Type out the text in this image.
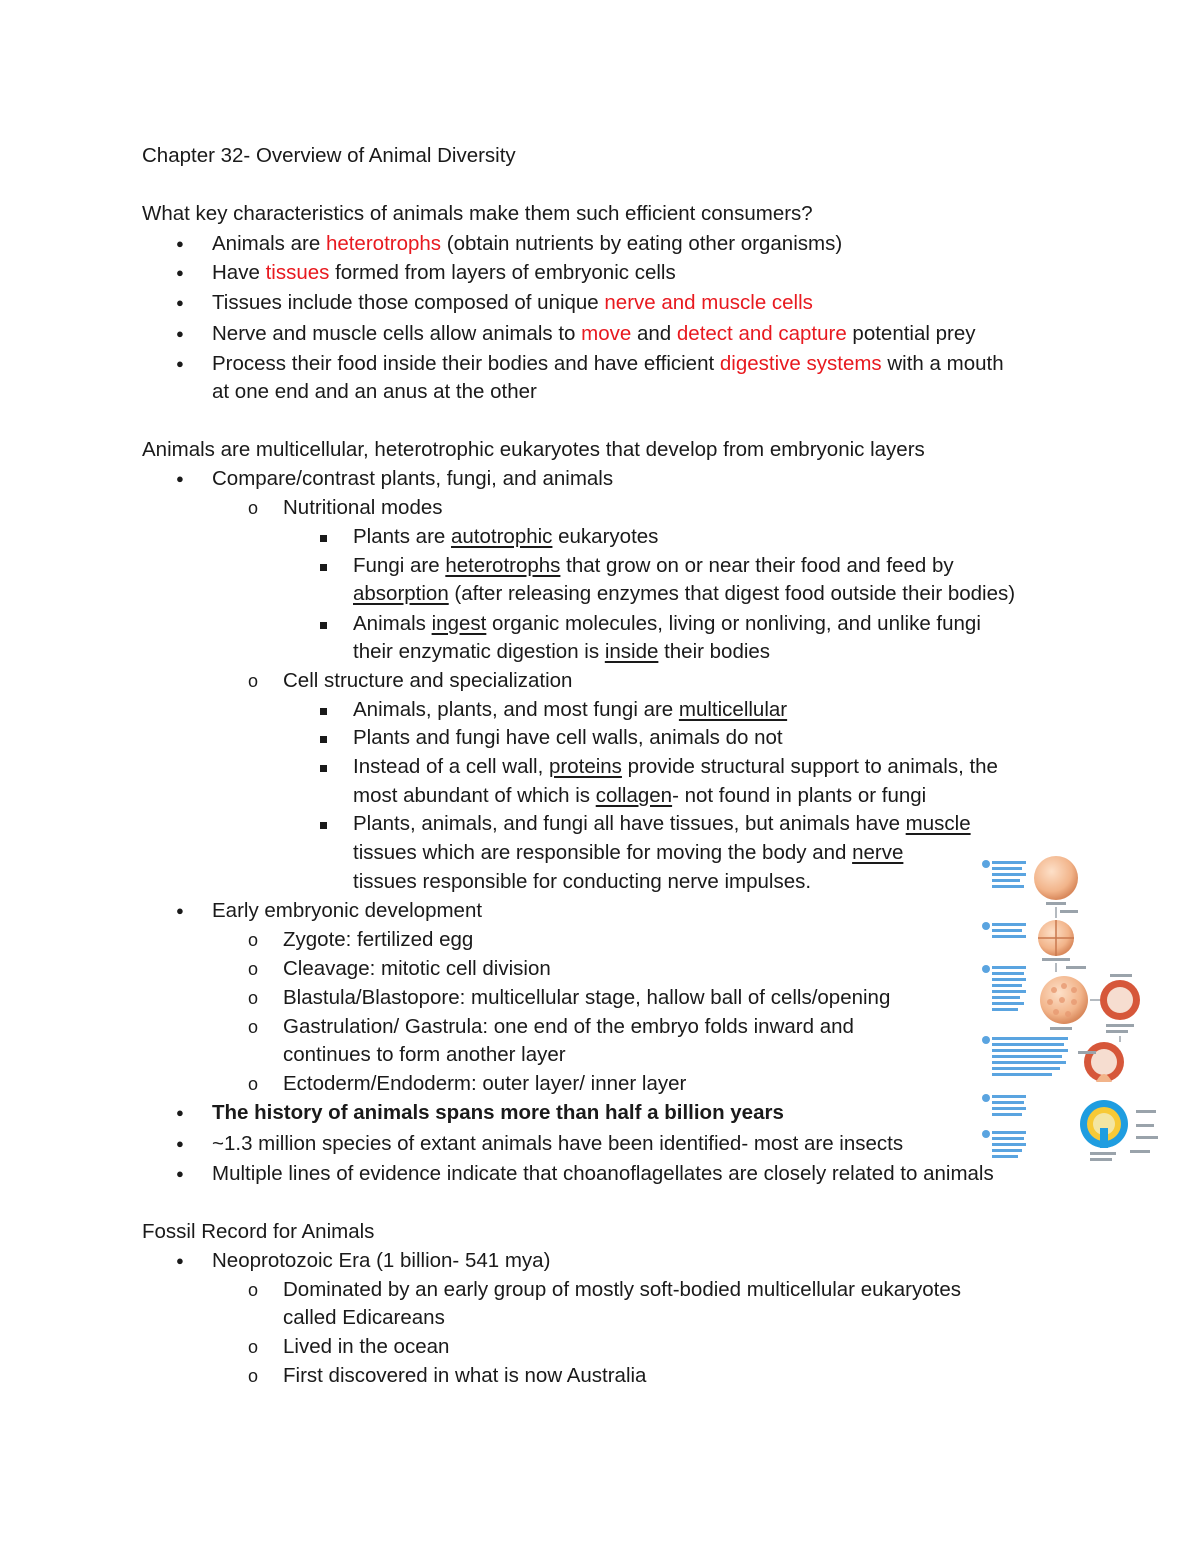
Chapter 32- Overview of Animal Diversity
What key characteristics of animals make them such efficient consumers?
● Animals are heterotrophs (obtain nutrients by eating other organisms)
● Have tissues formed from layers of embryonic cells
● Tissues include those composed of unique nerve and muscle cells
● Nerve and muscle cells allow animals to move and detect and capture potential prey
● Process their food inside their bodies and have efficient digestive systems with a mouth
at one end and an anus at the other
Animals are multicellular, heterotrophic eukaryotes that develop from embryonic layers
● Compare/contrast plants, fungi, and animals
o Nutritional modes
Plants are autotrophic eukaryotes
Fungi are heterotrophs that grow on or near their food and feed by
absorption (after releasing enzymes that digest food outside their bodies)
Animals ingest organic molecules, living or nonliving, and unlike fungi
their enzymatic digestion is inside their bodies
o Cell structure and specialization
Animals, plants, and most fungi are multicellular
Plants and fungi have cell walls, animals do not
Instead of a cell wall, proteins provide structural support to animals, the
most abundant of which is collagen- not found in plants or fungi
Plants, animals, and fungi all have tissues, but animals have muscle
tissues which are responsible for moving the body and nerve
tissues responsible for conducting nerve impulses.
● Early embryonic development
o Zygote: fertilized egg
o Cleavage: mitotic cell division
o Blastula/Blastopore: multicellular stage, hallow ball of cells/opening
o Gastrulation/ Gastrula: one end of the embryo folds inward and
continues to form another layer
o Ectoderm/Endoderm: outer layer/ inner layer
● The history of animals spans more than half a billion years
● ~1.3 million species of extant animals have been identified- most are insects
● Multiple lines of evidence indicate that choanoflagellates are closely related to animals
Fossil Record for Animals
● Neoprotozoic Era (1 billion- 541 mya)
o Dominated by an early group of mostly soft-bodied multicellular eukaryotes
called Edicareans
o Lived in the ocean
o First discovered in what is now Australia
